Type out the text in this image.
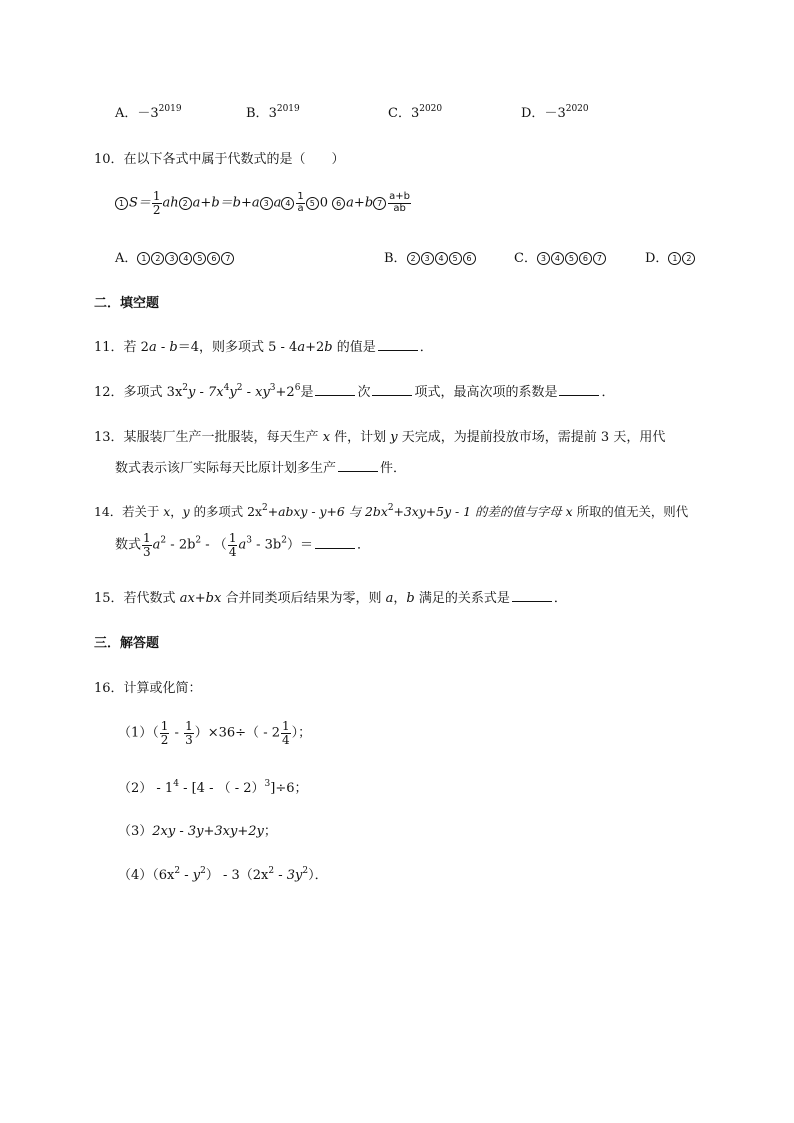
A．$-3^{2019}$	B．$3^{2019}$	C．$3^{2020}$	D．$-3^{2020}$
10．在以下各式中属于代数式的是（　　）
1 $S= \frac{1}{2}$ ah 2 a+b＝b+a 3 a $4 \frac{1}{a} 5$ 0 6 a+b $7 \frac{a+b}{ab}$
A． 1 2 3 4 5 6 7	B． 2 3 4 5 6	C． 3 4 5 6 7	D． 1 2
二．填空题
11．若 2a - b＝4，则多项式 5 - 4a+2b 的值是	．
12．多项式 $3x^2y - 7x^4y^2 - xy^3+2^6$是	次	项式，最高次项的系数是	．
13．某服装厂生产一批服装，每天生产 x 件，计划 y 天完成，为提前投放市场，需提前 3 天，用代
数式表示该厂实际每天比原计划多生产	件．
14．若关于 x，y 的多项式 $2x^2+abxy - y+6$ 与 $2bx^2+3xy+5y - 1$ 的差的值与字母 x 所取的值无关，则代
数式 $\frac{1}{3} a^2 - 2b^2$ - （ $\frac{1}{4} a^3 - 3b^2)=$	．
15．若代数式 ax+bx 合并同类项后结果为零，则 a，b 满足的关系式是	．
三．解答题
16．计算或化简：
$(1)( \frac{1}{2} - \frac{1}{3} )\times 36\div( - 2 \frac{1}{4}$ ）；
$(2) - 1^4 - [4$ - （ - 2）$^3$]÷6；
（3）2xy - 3y+3xy+2y；
$(4)(6x^2 - y^2) - 3(2x^2 - 3y^2)$．
